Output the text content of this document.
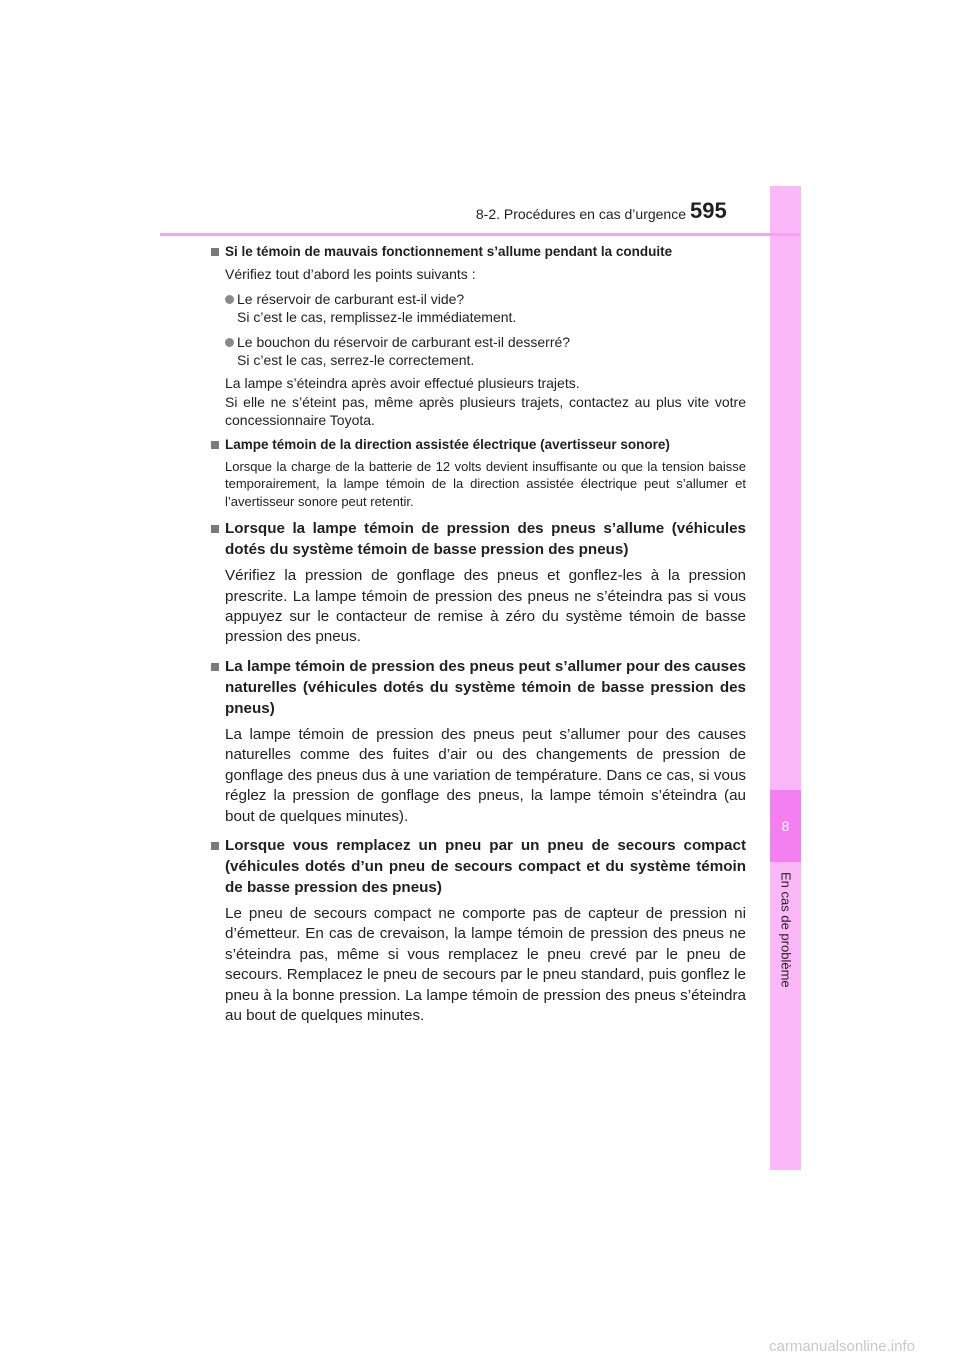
8
En cas de problème
8-2. Procédures en cas d’urgence 595
Si le témoin de mauvais fonctionnement s’allume pendant la conduite
Vérifiez tout d’abord les points suivants :
Le réservoir de carburant est-il vide?
Si c’est le cas, remplissez-le immédiatement.
Le bouchon du réservoir de carburant est-il desserré?
Si c’est le cas, serrez-le correctement.
La lampe s’éteindra après avoir effectué plusieurs trajets.
Si elle ne s’éteint pas, même après plusieurs trajets, contactez au plus vite votre concessionnaire Toyota.
Lampe témoin de la direction assistée électrique (avertisseur sonore)
Lorsque la charge de la batterie de 12 volts devient insuffisante ou que la tension baisse temporairement, la lampe témoin de la direction assistée électrique peut s’allumer et l’avertisseur sonore peut retentir.
Lorsque la lampe témoin de pression des pneus s’allume (véhicules dotés du système témoin de basse pression des pneus)
Vérifiez la pression de gonflage des pneus et gonflez-les à la pression prescrite. La lampe témoin de pression des pneus ne s’éteindra pas si vous appuyez sur le contacteur de remise à zéro du système témoin de basse pression des pneus.
La lampe témoin de pression des pneus peut s’allumer pour des causes naturelles (véhicules dotés du système témoin de basse pression des pneus)
La lampe témoin de pression des pneus peut s’allumer pour des causes naturelles comme des fuites d’air ou des changements de pression de gonflage des pneus dus à une variation de température. Dans ce cas, si vous réglez la pression de gonflage des pneus, la lampe témoin s’éteindra (au bout de quelques minutes).
Lorsque vous remplacez un pneu par un pneu de secours compact (véhicules dotés d’un pneu de secours compact et du système témoin de basse pression des pneus)
Le pneu de secours compact ne comporte pas de capteur de pression ni d’émetteur. En cas de crevaison, la lampe témoin de pression des pneus ne s’éteindra pas, même si vous remplacez le pneu crevé par le pneu de secours. Remplacez le pneu de secours par le pneu standard, puis gonflez le pneu à la bonne pression. La lampe témoin de pression des pneus s’éteindra au bout de quelques minutes.
carmanualsonline.info
